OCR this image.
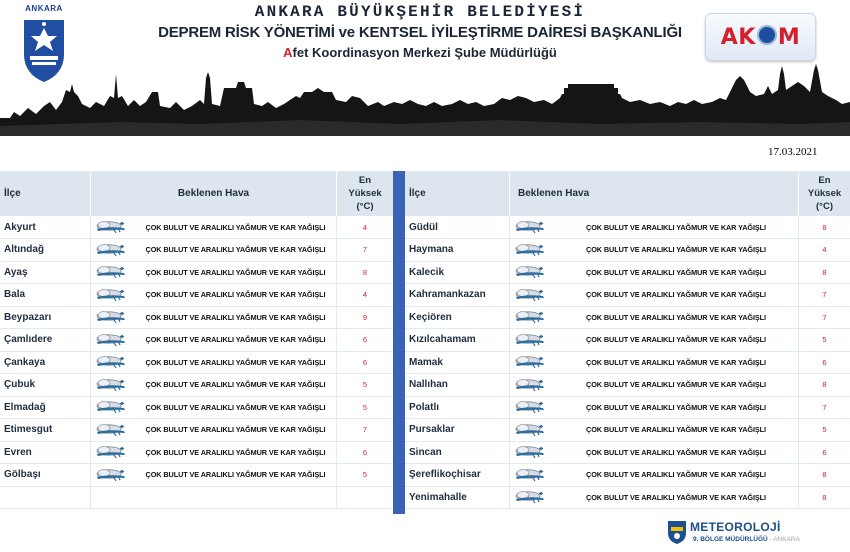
ANKARA	ANKARA BÜYÜKŞEHİR BELEDİYESİ
DEPREM RİSK YÖNETİMİ ve KENTSEL İYİLEŞTİRME DAİRESİ BAŞKANLIĞI
Afet Koordinasyon Merkezi Şube Müdürlüğü
AK M
17.03.2021
İlçe		Beklenen Hava		En
Yüksek
(°C)

Akyurt			ÇOK BULUT VE ARALIKLI YAĞMUR VE KAR YAĞIŞLI		4
Altındağ			ÇOK BULUT VE ARALIKLI YAĞMUR VE KAR YAĞIŞLI		7
Ayaş			ÇOK BULUT VE ARALIKLI YAĞMUR VE KAR YAĞIŞLI		8
Bala			ÇOK BULUT VE ARALIKLI YAĞMUR VE KAR YAĞIŞLI		4
Beypazarı			ÇOK BULUT VE ARALIKLI YAĞMUR VE KAR YAĞIŞLI		9
Çamlıdere			ÇOK BULUT VE ARALIKLI YAĞMUR VE KAR YAĞIŞLI		6
Çankaya			ÇOK BULUT VE ARALIKLI YAĞMUR VE KAR YAĞIŞLI		6
Çubuk			ÇOK BULUT VE ARALIKLI YAĞMUR VE KAR YAĞIŞLI		5
Elmadağ			ÇOK BULUT VE ARALIKLI YAĞMUR VE KAR YAĞIŞLI		5
Etimesgut			ÇOK BULUT VE ARALIKLI YAĞMUR VE KAR YAĞIŞLI		7
Evren			ÇOK BULUT VE ARALIKLI YAĞMUR VE KAR YAĞIŞLI		6
Gölbaşı			ÇOK BULUT VE ARALIKLI YAĞMUR VE KAR YAĞIŞLI		5

İlçe		Beklenen Hava		En
Yüksek
(°C)

Güdül			ÇOK BULUT VE ARALIKLI YAĞMUR VE KAR YAĞIŞLI		8
Haymana			ÇOK BULUT VE ARALIKLI YAĞMUR VE KAR YAĞIŞLI		4
Kalecik			ÇOK BULUT VE ARALIKLI YAĞMUR VE KAR YAĞIŞLI		8
Kahramankazan			ÇOK BULUT VE ARALIKLI YAĞMUR VE KAR YAĞIŞLI		7
Keçiören			ÇOK BULUT VE ARALIKLI YAĞMUR VE KAR YAĞIŞLI		7
Kızılcahamam			ÇOK BULUT VE ARALIKLI YAĞMUR VE KAR YAĞIŞLI		5
Mamak			ÇOK BULUT VE ARALIKLI YAĞMUR VE KAR YAĞIŞLI		6
Nallıhan			ÇOK BULUT VE ARALIKLI YAĞMUR VE KAR YAĞIŞLI		8
Polatlı			ÇOK BULUT VE ARALIKLI YAĞMUR VE KAR YAĞIŞLI		7
Pursaklar			ÇOK BULUT VE ARALIKLI YAĞMUR VE KAR YAĞIŞLI		5
Sincan			ÇOK BULUT VE ARALIKLI YAĞMUR VE KAR YAĞIŞLI		6
Şereflikoçhisar			ÇOK BULUT VE ARALIKLI YAĞMUR VE KAR YAĞIŞLI		8
Yenimahalle			ÇOK BULUT VE ARALIKLI YAĞMUR VE KAR YAĞIŞLI		8
METEOROLOJİ
9. BÖLGE MÜDÜRLÜĞÜ - ANKARA
